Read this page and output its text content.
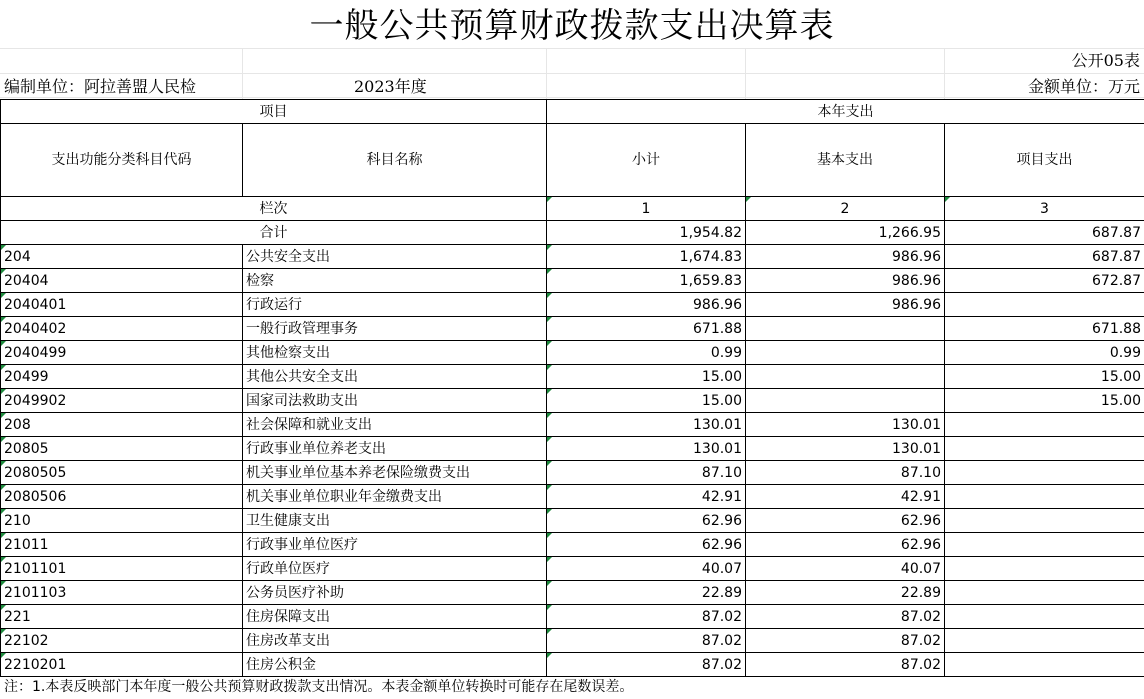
一般公共预算财政拨款支出决算表
公开05表
编制单位：阿拉善盟人民检	2023年度	金额单位：万元
项目		本年支出		
支出功能分类科目代码	科目名称	小计	基本支出	项目支出
栏次		1	2	3
合计		1,954.82	1,266.95	687.87
204	公共安全支出	1,674.83	986.96	687.87
20404	检察	1,659.83	986.96	672.87
2040401	行政运行	986.96	986.96	
2040402	一般行政管理事务	671.88		671.88
2040499	其他检察支出	0.99		0.99
20499	其他公共安全支出	15.00		15.00
2049902	国家司法救助支出	15.00		15.00
208	社会保障和就业支出	130.01	130.01	
20805	行政事业单位养老支出	130.01	130.01	
2080505	机关事业单位基本养老保险缴费支出	87.10	87.10	
2080506	机关事业单位职业年金缴费支出	42.91	42.91	
210	卫生健康支出	62.96	62.96	
21011	行政事业单位医疗	62.96	62.96	
2101101	行政单位医疗	40.07	40.07	
2101103	公务员医疗补助	22.89	22.89	
221	住房保障支出	87.02	87.02	
22102	住房改革支出	87.02	87.02	
2210201	住房公积金	87.02	87.02	
注：1.本表反映部门本年度一般公共预算财政拨款支出情况。本表金额单位转换时可能存在尾数误差。
